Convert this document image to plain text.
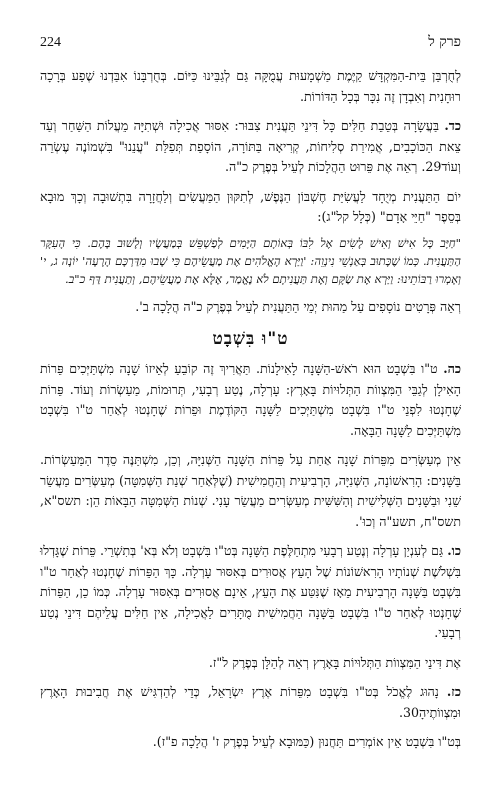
פרק ל
224

לְחֻרְבַּן בֵּית-הַמִּקְדָּשׁ קַיֶּמֶת מַשְׁמָעוּת עֲמֻקָּה גַּם לְגַבֵּינוּ כַּיּוֹם. בְּחֻרְבָּנוֹ אִבַּדְנוּ שֶׁפַע בְּרָכָה רוּחָנִית וְאִבְדָן זֶה נִכָּר בְּכָל הַדּוֹרוֹת.

כד. בַּעֲשָׂרָה בְּטֵבֵת חַלִּים כָּל דִּינֵי תַּעֲנִית צִבּוּר: אִסּוּר אֲכִילָה וּשְׁתִיָּה מֵעֲלוֹת הַשַּׁחַר וְעַד צֵאת הַכּוֹכָבִים, אֲמִירַת סְלִיחוֹת, קְרִיאָה בַּתּוֹרָה, הוֹסָפַת תְּפִלַּת "עֲנֵנוּ" בִּשְׁמוֹנֶה עֶשְׂרֵה וְעוֹד29. רְאֵה אֶת פֵּרוּט הַהֲלָכוֹת לְעֵיל בְּפֶרֶק כ"ה.

יוֹם הַתַּעֲנִית מְיֻחָד לַעֲשִׂיַּת חֶשְׁבּוֹן הַנֶּפֶשׁ, לְתִקּוּן הַמַּעֲשִׂים וְלַחֲזָרָה בִּתְשׁוּבָה וְכָךְ מוּבָא בְּסֵפֶר "חַיֵּי אָדָם" (כְּלָל קל"ג):

"חַיָּב כָּל אִישׁ וְאִישׁ לָשִׂים אֶל לִבּוֹ בְּאוֹתָם הַיָּמִים לְפַשְׁפֵּשׁ בְּמַעֲשָׂיו וְלָשׁוּב בָּהֶם. כִּי הָעִקָּר הַתַּעֲנִית. כְּמוֹ שֶׁכָּתוּב בְּאַנְשֵׁי נִינְוֵה: 'וַיַּרְא הָאֱלֹהִים אֶת מַעֲשֵׂיהֶם כִּי שָׁבוּ מִדַּרְכָּם הָרָעָה' יוֹנָה ג, י' וְאָמְרוּ רַבּוֹתֵינוּ: וַיַּרְא אֶת שַׂקָּם וְאֶת תַּעֲנִיתָם לֹא נֶאֱמַר, אֶלָּא אֶת מַעֲשֵׂיהֶם, וְתַעֲנִית דַּף כ"ב.

רְאֵה פְּרָטִים נוֹסָפִים עַל מַהוּת יְמֵי הַתַּעֲנִית לְעֵיל בְּפֶרֶק כ"ה הֲלָכָה ב'.

ט"וּ בִּשְׁבָט

כה. ט"ו בִּשְׁבָט הוּא רֹאשׁ-הַשָּׁנָה לָאִילָנוֹת. תַּאֲרִיךְ זֶה קוֹבֵעַ לְאֵיזוֹ שָׁנָה מִשְׁתַּיְּכִים פֵּרוֹת הָאִילָן לְגַבֵּי הַמִּצְווֹת הַתְּלוּיוֹת בָּאָרֶץ: עָרְלָה, נֶטַע רְבָעִי, תְּרוּמוֹת, מַעַשְׂרוֹת וְעוֹד. פֵּרוֹת שֶׁחָנְטוּ לִפְנֵי ט"ו בִּשְׁבָט מִשְׁתַּיְּכִים לַשָּׁנָה הַקּוֹדֶמֶת וּפֵרוֹת שֶׁחָנְטוּ לְאַחַר ט"ו בִּשְׁבָט מִשְׁתַּיְּכִים לַשָּׁנָה הַבָּאָה.

אֵין מְעַשְּׂרִים מִפֵּרוֹת שָׁנָה אַחַת עַל פֵּרוֹת הַשָּׁנָה הַשְּׁנִיָּה, וְכֵן, מִשְׁתַּנֶּה סֵדֶר הַמַּעַשְׂרוֹת. בַּשָּׁנִים: הָרִאשׁוֹנָה, הַשְּׁנִיָּה, הָרְבִיעִית וְהַחֲמִישִׁית (שֶׁלְּאַחַר שְׁנַת הַשְּׁמִטָּה) מְעַשְּׂרִים מַעֲשֵׂר שֵׁנִי וּבַשָּׁנִים הַשְּׁלִישִׁית וְהַשִּׁשִּׁית מְעַשְּׂרִים מַעֲשַׂר עָנִי. שְׁנוֹת הַשְּׁמִטָּה הַבָּאוֹת הֵן: תשס"א, תשס"ח, תשע"ה וְכוּ'.

כו. גַּם לְעִנְיַן עָרְלָה וְנֶטַע רְבָעִי מִתְחַלֶּפֶת הַשָּׁנָה בְּט"ו בִּשְׁבָט וְלֹא בְּא' בְּתִשְׁרֵי. פֵּרוֹת שֶׁגָּדְלוּ בִּשְׁלֹשֶׁת שְׁנוֹתָיו הָרִאשׁוֹנוֹת שֶׁל הָעֵץ אֲסוּרִים בְּאִסּוּר עָרְלָה. כָּךְ הַפֵּרוֹת שֶׁחָנְטוּ לְאַחַר ט"ו בִּשְׁבָט בַּשָּׁנָה הָרְבִיעִית מֵאָז שֶׁנִּטַּע אֶת הָעֵץ, אֵינָם אֲסוּרִים בְּאִסּוּר עָרְלָה. כְּמוֹ כֵן, הַפֵּרוֹת שֶׁחָנְטוּ לְאַחַר ט"ו בִּשְׁבָט בַּשָּׁנָה הַחֲמִישִׁית מֻתָּרִים לַאֲכִילָה, אֵין חַלִּים עֲלֵיהֶם דִּינֵי נֶטַע רְבָעִי.

אֶת דִּינֵי הַמִּצְווֹת הַתְּלוּיוֹת בָּאָרֶץ רְאֵה לְהַלָּן בְּפֶרֶק ל"ז.

כז. נָהוּג לֶאֱכֹל בְּט"ו בִּשְׁבָט מִפֵּרוֹת אֶרֶץ יִשְׂרָאֵל, כְּדֵי לְהַדְגִּישׁ אֶת חֲבִיבוּת הָאָרֶץ וּמִצְווֹתֶיהָ30.

בְּט"ו בִּשְׁבָט אֵין אוֹמְרִים תַּחֲנוּן (כַּמּוּבָא לְעֵיל בְּפֶרֶק ז' הֲלָכָה פ"ז).
